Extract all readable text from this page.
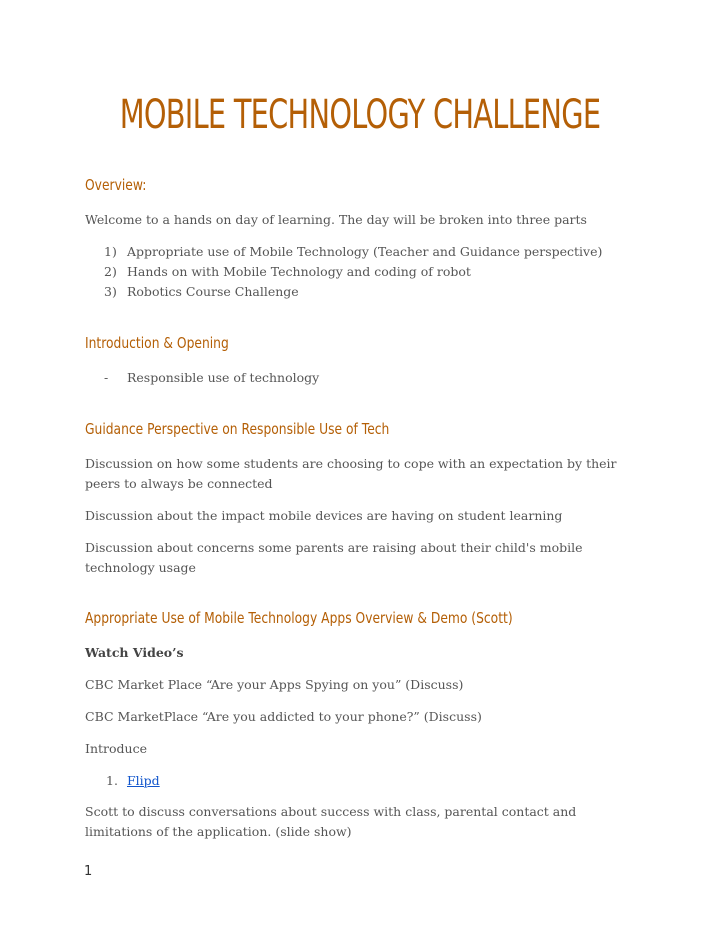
MOBILE TECHNOLOGY CHALLENGE
Overview:
Welcome to a hands on day of learning. The day will be broken into three parts
1) Appropriate use of Mobile Technology (Teacher and Guidance perspective)
2) Hands on with Mobile Technology and coding of robot
3) Robotics Course Challenge
Introduction & Opening
- Responsible use of technology
Guidance Perspective on Responsible Use of Tech
Discussion on how some students are choosing to cope with an expectation by their peers to always be connected
Discussion about the impact mobile devices are having on student learning
Discussion about concerns some parents are raising about their child's mobile technology usage
Appropriate Use of Mobile Technology Apps Overview & Demo (Scott)
Watch Video’s
CBC Market Place “Are your Apps Spying on you” (Discuss)
CBC MarketPlace “Are you addicted to your phone?” (Discuss)
Introduce
1. Flipd
Scott to discuss conversations about success with class, parental contact and limitations of the application. (slide show)
1
